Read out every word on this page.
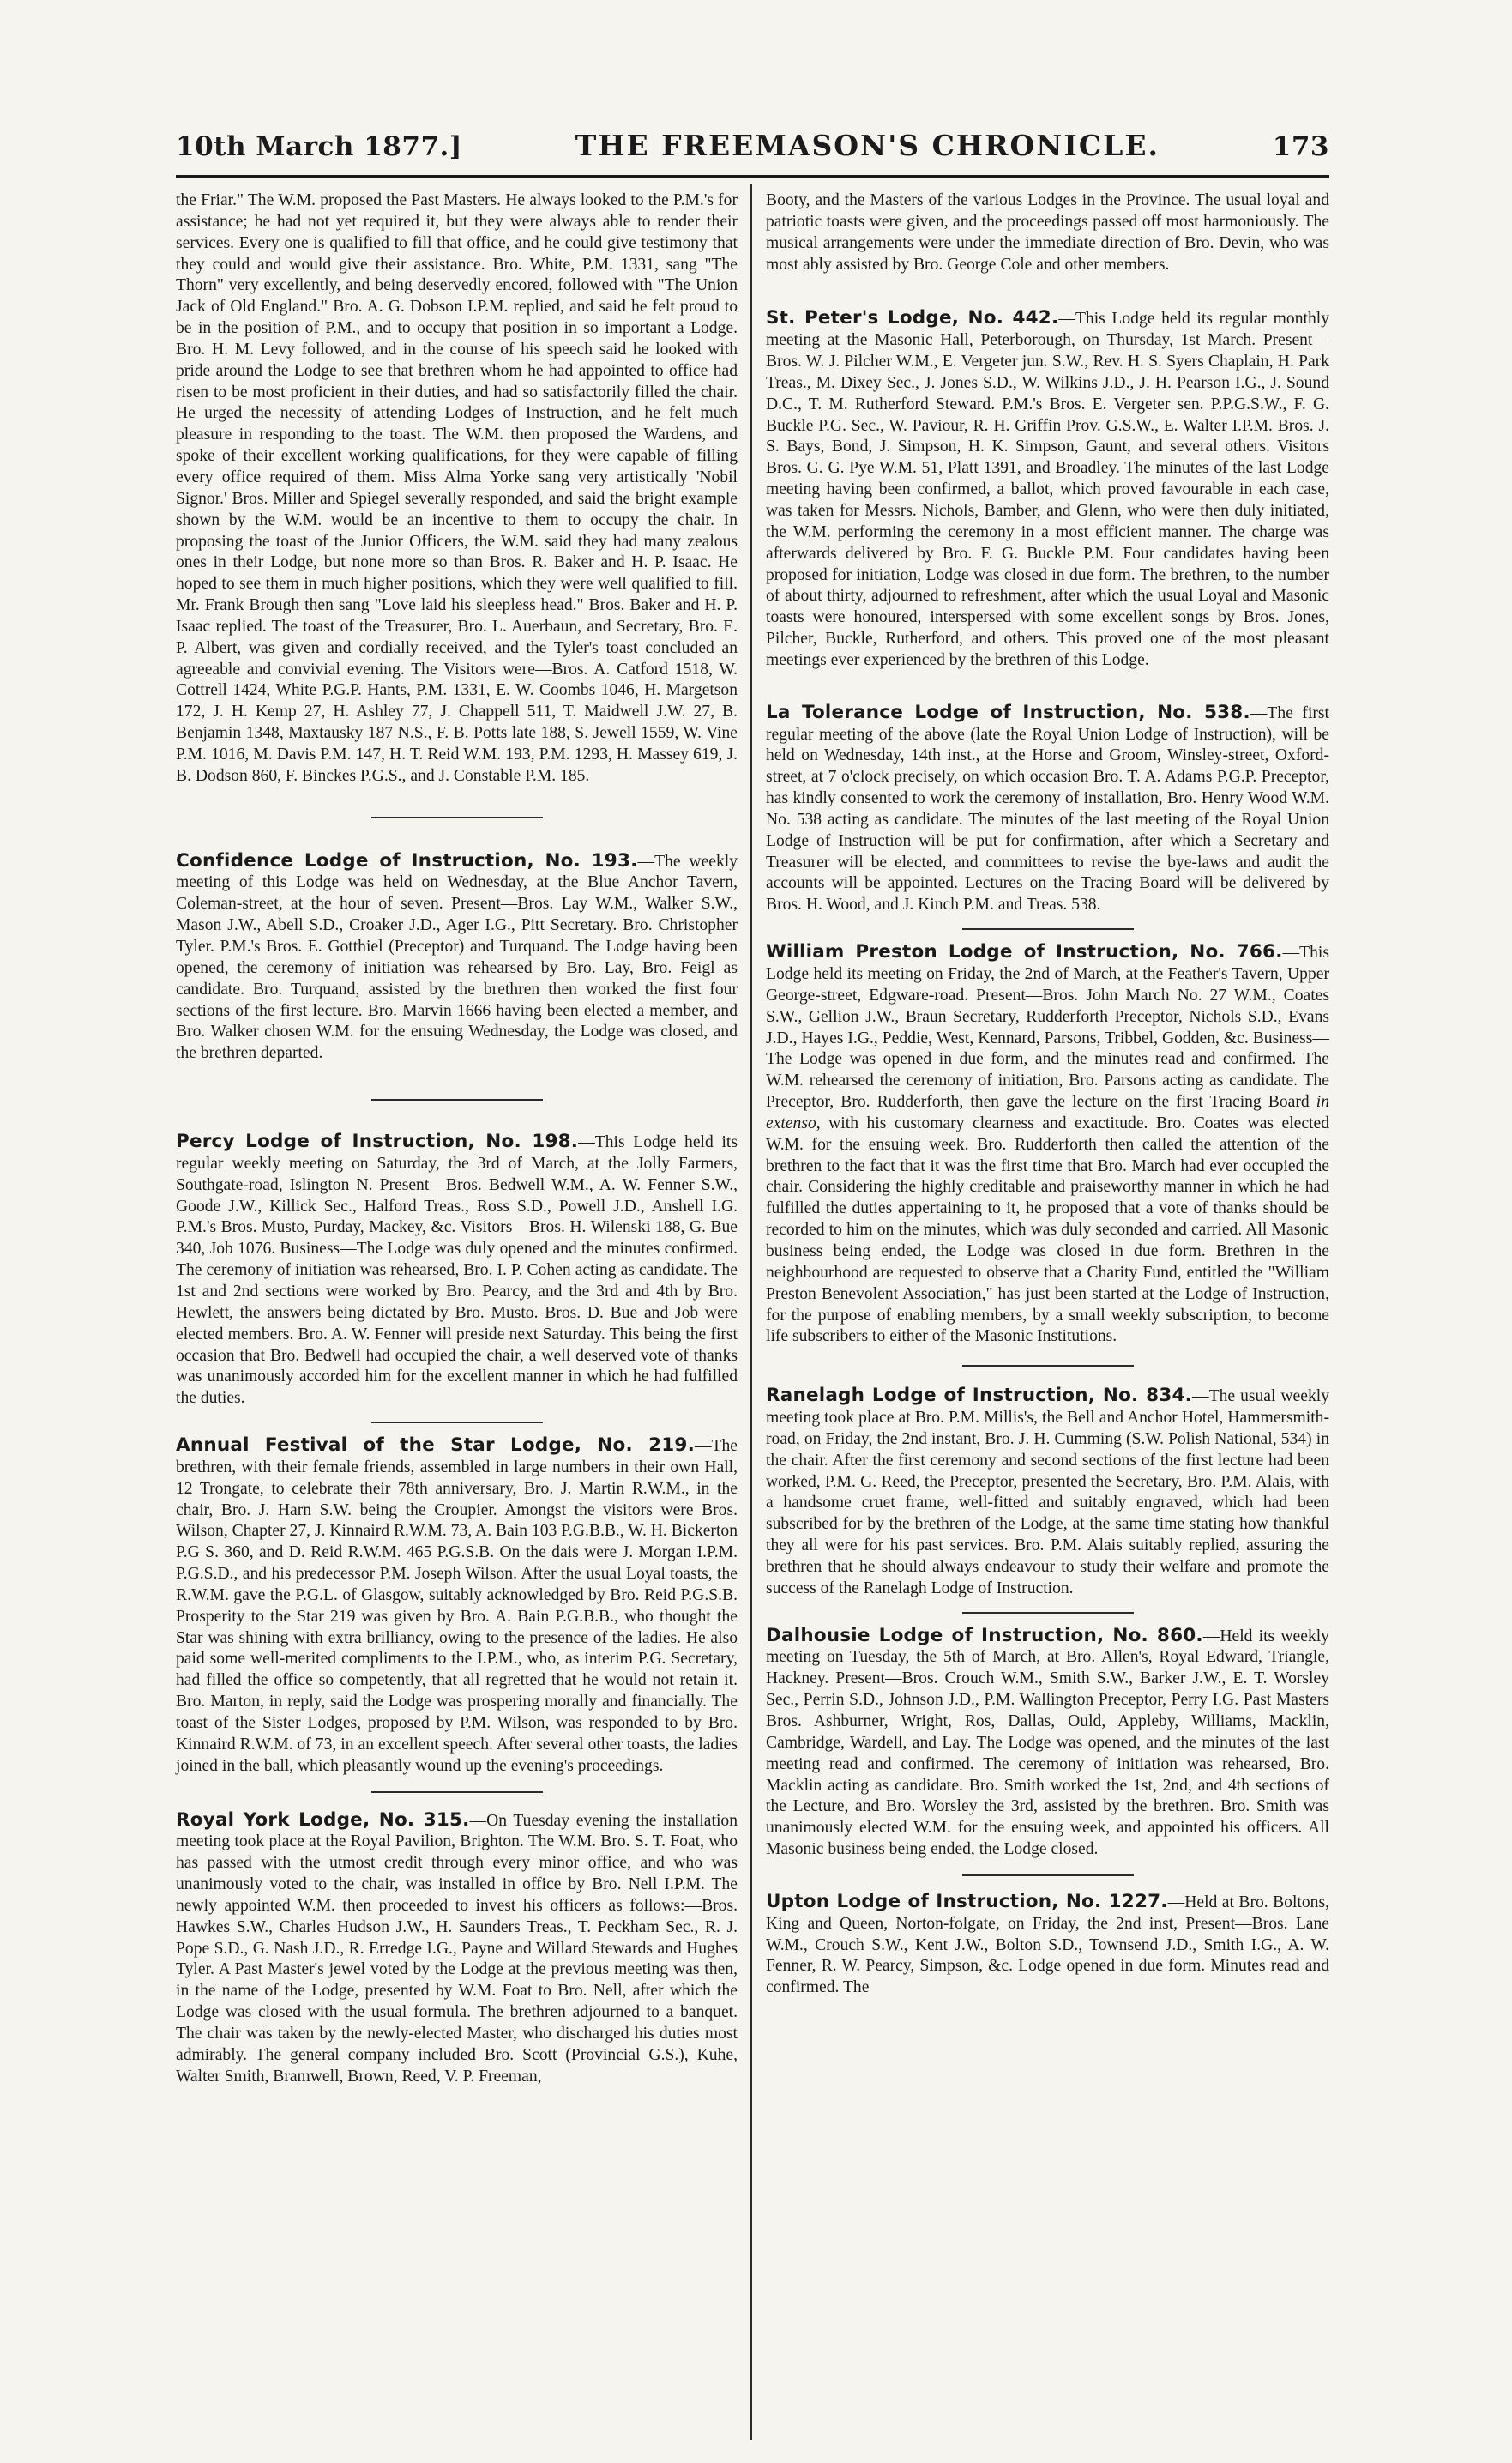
10th March 1877.]	THE FREEMASON'S CHRONICLE.	173

the Friar." The W.M. proposed the Past Masters. He always looked to the P.M.'s for assistance; he had not yet required it, but they were always able to render their services. Every one is qualified to fill that office, and he could give testimony that they could and would give their assistance. Bro. White, P.M. 1331, sang "The Thorn" very excellently, and being deservedly encored, followed with "The Union Jack of Old England." Bro. A. G. Dobson I.P.M. replied, and said he felt proud to be in the position of P.M., and to occupy that position in so important a Lodge. Bro. H. M. Levy followed, and in the course of his speech said he looked with pride around the Lodge to see that brethren whom he had appointed to office had risen to be most proficient in their duties, and had so satisfactorily filled the chair. He urged the necessity of attending Lodges of Instruction, and he felt much pleasure in responding to the toast. The W.M. then proposed the Wardens, and spoke of their excellent working qualifications, for they were capable of filling every office required of them. Miss Alma Yorke sang very artistically 'Nobil Signor.' Bros. Miller and Spiegel severally responded, and said the bright example shown by the W.M. would be an incentive to them to occupy the chair. In proposing the toast of the Junior Officers, the W.M. said they had many zealous ones in their Lodge, but none more so than Bros. R. Baker and H. P. Isaac. He hoped to see them in much higher positions, which they were well qualified to fill. Mr. Frank Brough then sang "Love laid his sleepless head." Bros. Baker and H. P. Isaac replied. The toast of the Treasurer, Bro. L. Auerbaun, and Secretary, Bro. E. P. Albert, was given and cordially received, and the Tyler's toast concluded an agreeable and convivial evening. The Visitors were—Bros. A. Catford 1518, W. Cottrell 1424, White P.G.P. Hants, P.M. 1331, E. W. Coombs 1046, H. Margetson 172, J. H. Kemp 27, H. Ashley 77, J. Chappell 511, T. Maidwell J.W. 27, B. Benjamin 1348, Maxtausky 187 N.S., F. B. Potts late 188, S. Jewell 1559, W. Vine P.M. 1016, M. Davis P.M. 147, H. T. Reid W.M. 193, P.M. 1293, H. Massey 619, J. B. Dodson 860, F. Binckes P.G.S., and J. Constable P.M. 185.

Confidence Lodge of Instruction, No. 193.—The weekly meeting of this Lodge was held on Wednesday, at the Blue Anchor Tavern, Coleman-street, at the hour of seven. Present—Bros. Lay W.M., Walker S.W., Mason J.W., Abell S.D., Croaker J.D., Ager I.G., Pitt Secretary. Bro. Christopher Tyler. P.M.'s Bros. E. Gotthiel (Preceptor) and Turquand. The Lodge having been opened, the ceremony of initiation was rehearsed by Bro. Lay, Bro. Feigl as candidate. Bro. Turquand, assisted by the brethren then worked the first four sections of the first lecture. Bro. Marvin 1666 having been elected a member, and Bro. Walker chosen W.M. for the ensuing Wednesday, the Lodge was closed, and the brethren departed.

Percy Lodge of Instruction, No. 198.—This Lodge held its regular weekly meeting on Saturday, the 3rd of March, at the Jolly Farmers, Southgate-road, Islington N. Present—Bros. Bedwell W.M., A. W. Fenner S.W., Goode J.W., Killick Sec., Halford Treas., Ross S.D., Powell J.D., Anshell I.G. P.M.'s Bros. Musto, Purday, Mackey, &c. Visitors—Bros. H. Wilenski 188, G. Bue 340, Job 1076. Business—The Lodge was duly opened and the minutes confirmed. The ceremony of initiation was rehearsed, Bro. I. P. Cohen acting as candidate. The 1st and 2nd sections were worked by Bro. Pearcy, and the 3rd and 4th by Bro. Hewlett, the answers being dictated by Bro. Musto. Bros. D. Bue and Job were elected members. Bro. A. W. Fenner will preside next Saturday. This being the first occasion that Bro. Bedwell had occupied the chair, a well deserved vote of thanks was unanimously accorded him for the excellent manner in which he had fulfilled the duties.

Annual Festival of the Star Lodge, No. 219.—The brethren, with their female friends, assembled in large numbers in their own Hall, 12 Trongate, to celebrate their 78th anniversary, Bro. J. Martin R.W.M., in the chair, Bro. J. Harn S.W. being the Croupier. Amongst the visitors were Bros. Wilson, Chapter 27, J. Kinnaird R.W.M. 73, A. Bain 103 P.G.B.B., W. H. Bickerton P.G S. 360, and D. Reid R.W.M. 465 P.G.S.B. On the dais were J. Morgan I.P.M. P.G.S.D., and his predecessor P.M. Joseph Wilson. After the usual Loyal toasts, the R.W.M. gave the P.G.L. of Glasgow, suitably acknowledged by Bro. Reid P.G.S.B. Prosperity to the Star 219 was given by Bro. A. Bain P.G.B.B., who thought the Star was shining with extra brilliancy, owing to the presence of the ladies. He also paid some well-merited compliments to the I.P.M., who, as interim P.G. Secretary, had filled the office so competently, that all regretted that he would not retain it. Bro. Marton, in reply, said the Lodge was prospering morally and financially. The toast of the Sister Lodges, proposed by P.M. Wilson, was responded to by Bro. Kinnaird R.W.M. of 73, in an excellent speech. After several other toasts, the ladies joined in the ball, which pleasantly wound up the evening's proceedings.

Royal York Lodge, No. 315.—On Tuesday evening the installation meeting took place at the Royal Pavilion, Brighton. The W.M. Bro. S. T. Foat, who has passed with the utmost credit through every minor office, and who was unanimously voted to the chair, was installed in office by Bro. Nell I.P.M. The newly appointed W.M. then proceeded to invest his officers as follows:—Bros. Hawkes S.W., Charles Hudson J.W., H. Saunders Treas., T. Peckham Sec., R. J. Pope S.D., G. Nash J.D., R. Erredge I.G., Payne and Willard Stewards and Hughes Tyler. A Past Master's jewel voted by the Lodge at the previous meeting was then, in the name of the Lodge, presented by W.M. Foat to Bro. Nell, after which the Lodge was closed with the usual formula. The brethren adjourned to a banquet. The chair was taken by the newly-elected Master, who discharged his duties most admirably. The general company included Bro. Scott (Provincial G.S.), Kuhe, Walter Smith, Bramwell, Brown, Reed, V. P. Freeman,

Booty, and the Masters of the various Lodges in the Province. The usual loyal and patriotic toasts were given, and the proceedings passed off most harmoniously. The musical arrangements were under the immediate direction of Bro. Devin, who was most ably assisted by Bro. George Cole and other members.

St. Peter's Lodge, No. 442.—This Lodge held its regular monthly meeting at the Masonic Hall, Peterborough, on Thursday, 1st March. Present—Bros. W. J. Pilcher W.M., E. Vergeter jun. S.W., Rev. H. S. Syers Chaplain, H. Park Treas., M. Dixey Sec., J. Jones S.D., W. Wilkins J.D., J. H. Pearson I.G., J. Sound D.C., T. M. Rutherford Steward. P.M.'s Bros. E. Vergeter sen. P.P.G.S.W., F. G. Buckle P.G. Sec., W. Paviour, R. H. Griffin Prov. G.S.W., E. Walter I.P.M. Bros. J. S. Bays, Bond, J. Simpson, H. K. Simpson, Gaunt, and several others. Visitors Bros. G. G. Pye W.M. 51, Platt 1391, and Broadley. The minutes of the last Lodge meeting having been confirmed, a ballot, which proved favourable in each case, was taken for Messrs. Nichols, Bamber, and Glenn, who were then duly initiated, the W.M. performing the ceremony in a most efficient manner. The charge was afterwards delivered by Bro. F. G. Buckle P.M. Four candidates having been proposed for initiation, Lodge was closed in due form. The brethren, to the number of about thirty, adjourned to refreshment, after which the usual Loyal and Masonic toasts were honoured, interspersed with some excellent songs by Bros. Jones, Pilcher, Buckle, Rutherford, and others. This proved one of the most pleasant meetings ever experienced by the brethren of this Lodge.

La Tolerance Lodge of Instruction, No. 538.—The first regular meeting of the above (late the Royal Union Lodge of Instruction), will be held on Wednesday, 14th inst., at the Horse and Groom, Winsley-street, Oxford-street, at 7 o'clock precisely, on which occasion Bro. T. A. Adams P.G.P. Preceptor, has kindly consented to work the ceremony of installation, Bro. Henry Wood W.M. No. 538 acting as candidate. The minutes of the last meeting of the Royal Union Lodge of Instruction will be put for confirmation, after which a Secretary and Treasurer will be elected, and committees to revise the bye-laws and audit the accounts will be appointed. Lectures on the Tracing Board will be delivered by Bros. H. Wood, and J. Kinch P.M. and Treas. 538.

William Preston Lodge of Instruction, No. 766.—This Lodge held its meeting on Friday, the 2nd of March, at the Feather's Tavern, Upper George-street, Edgware-road. Present—Bros. John March No. 27 W.M., Coates S.W., Gellion J.W., Braun Secretary, Rudderforth Preceptor, Nichols S.D., Evans J.D., Hayes I.G., Peddie, West, Kennard, Parsons, Tribbel, Godden, &c. Business—The Lodge was opened in due form, and the minutes read and confirmed. The W.M. rehearsed the ceremony of initiation, Bro. Parsons acting as candidate. The Preceptor, Bro. Rudderforth, then gave the lecture on the first Tracing Board in extenso, with his customary clearness and exactitude. Bro. Coates was elected W.M. for the ensuing week. Bro. Rudderforth then called the attention of the brethren to the fact that it was the first time that Bro. March had ever occupied the chair. Considering the highly creditable and praiseworthy manner in which he had fulfilled the duties appertaining to it, he proposed that a vote of thanks should be recorded to him on the minutes, which was duly seconded and carried. All Masonic business being ended, the Lodge was closed in due form. Brethren in the neighbourhood are requested to observe that a Charity Fund, entitled the "William Preston Benevolent Association," has just been started at the Lodge of Instruction, for the purpose of enabling members, by a small weekly subscription, to become life subscribers to either of the Masonic Institutions.

Ranelagh Lodge of Instruction, No. 834.—The usual weekly meeting took place at Bro. P.M. Millis's, the Bell and Anchor Hotel, Hammersmith-road, on Friday, the 2nd instant, Bro. J. H. Cumming (S.W. Polish National, 534) in the chair. After the first ceremony and second sections of the first lecture had been worked, P.M. G. Reed, the Preceptor, presented the Secretary, Bro. P.M. Alais, with a handsome cruet frame, well-fitted and suitably engraved, which had been subscribed for by the brethren of the Lodge, at the same time stating how thankful they all were for his past services. Bro. P.M. Alais suitably replied, assuring the brethren that he should always endeavour to study their welfare and promote the success of the Ranelagh Lodge of Instruction.

Dalhousie Lodge of Instruction, No. 860.—Held its weekly meeting on Tuesday, the 5th of March, at Bro. Allen's, Royal Edward, Triangle, Hackney. Present—Bros. Crouch W.M., Smith S.W., Barker J.W., E. T. Worsley Sec., Perrin S.D., Johnson J.D., P.M. Wallington Preceptor, Perry I.G. Past Masters Bros. Ashburner, Wright, Ros, Dallas, Ould, Appleby, Williams, Macklin, Cambridge, Wardell, and Lay. The Lodge was opened, and the minutes of the last meeting read and confirmed. The ceremony of initiation was rehearsed, Bro. Macklin acting as candidate. Bro. Smith worked the 1st, 2nd, and 4th sections of the Lecture, and Bro. Worsley the 3rd, assisted by the brethren. Bro. Smith was unanimously elected W.M. for the ensuing week, and appointed his officers. All Masonic business being ended, the Lodge closed.

Upton Lodge of Instruction, No. 1227.—Held at Bro. Boltons, King and Queen, Norton-folgate, on Friday, the 2nd inst, Present—Bros. Lane W.M., Crouch S.W., Kent J.W., Bolton S.D., Townsend J.D., Smith I.G., A. W. Fenner, R. W. Pearcy, Simpson, &c. Lodge opened in due form. Minutes read and confirmed. The
